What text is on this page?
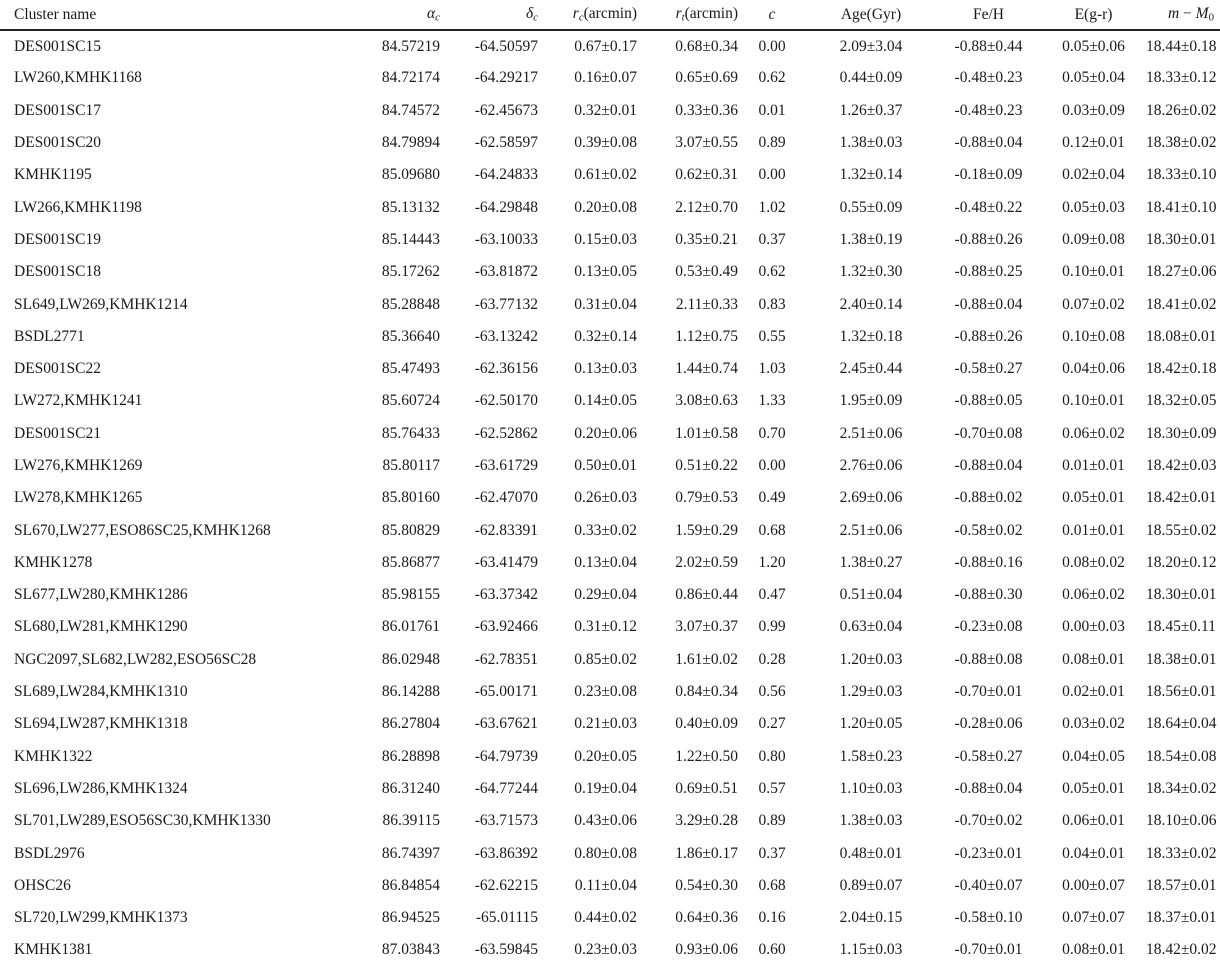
Cluster name	$\alpha_c$	$\delta_c$	$r_c(arcmin)$	$r_t(arcmin)$	c	Age(Gyr)	Fe/H	E(g-r)	$m - M_0$
DES001SC15	84.57219	-64.50597	0.67±0.17	0.68±0.34	0.00	2.09±3.04	-0.88±0.44	0.05±0.06	18.44±0.18
LW260,KMHK1168	84.72174	-64.29217	0.16±0.07	0.65±0.69	0.62	0.44±0.09	-0.48±0.23	0.05±0.04	18.33±0.12
DES001SC17	84.74572	-62.45673	0.32±0.01	0.33±0.36	0.01	1.26±0.37	-0.48±0.23	0.03±0.09	18.26±0.02
DES001SC20	84.79894	-62.58597	0.39±0.08	3.07±0.55	0.89	1.38±0.03	-0.88±0.04	0.12±0.01	18.38±0.02
KMHK1195	85.09680	-64.24833	0.61±0.02	0.62±0.31	0.00	1.32±0.14	-0.18±0.09	0.02±0.04	18.33±0.10
LW266,KMHK1198	85.13132	-64.29848	0.20±0.08	2.12±0.70	1.02	0.55±0.09	-0.48±0.22	0.05±0.03	18.41±0.10
DES001SC19	85.14443	-63.10033	0.15±0.03	0.35±0.21	0.37	1.38±0.19	-0.88±0.26	0.09±0.08	18.30±0.01
DES001SC18	85.17262	-63.81872	0.13±0.05	0.53±0.49	0.62	1.32±0.30	-0.88±0.25	0.10±0.01	18.27±0.06
SL649,LW269,KMHK1214	85.28848	-63.77132	0.31±0.04	2.11±0.33	0.83	2.40±0.14	-0.88±0.04	0.07±0.02	18.41±0.02
BSDL2771	85.36640	-63.13242	0.32±0.14	1.12±0.75	0.55	1.32±0.18	-0.88±0.26	0.10±0.08	18.08±0.01
DES001SC22	85.47493	-62.36156	0.13±0.03	1.44±0.74	1.03	2.45±0.44	-0.58±0.27	0.04±0.06	18.42±0.18
LW272,KMHK1241	85.60724	-62.50170	0.14±0.05	3.08±0.63	1.33	1.95±0.09	-0.88±0.05	0.10±0.01	18.32±0.05
DES001SC21	85.76433	-62.52862	0.20±0.06	1.01±0.58	0.70	2.51±0.06	-0.70±0.08	0.06±0.02	18.30±0.09
LW276,KMHK1269	85.80117	-63.61729	0.50±0.01	0.51±0.22	0.00	2.76±0.06	-0.88±0.04	0.01±0.01	18.42±0.03
LW278,KMHK1265	85.80160	-62.47070	0.26±0.03	0.79±0.53	0.49	2.69±0.06	-0.88±0.02	0.05±0.01	18.42±0.01
SL670,LW277,ESO86SC25,KMHK1268	85.80829	-62.83391	0.33±0.02	1.59±0.29	0.68	2.51±0.06	-0.58±0.02	0.01±0.01	18.55±0.02
KMHK1278	85.86877	-63.41479	0.13±0.04	2.02±0.59	1.20	1.38±0.27	-0.88±0.16	0.08±0.02	18.20±0.12
SL677,LW280,KMHK1286	85.98155	-63.37342	0.29±0.04	0.86±0.44	0.47	0.51±0.04	-0.88±0.30	0.06±0.02	18.30±0.01
SL680,LW281,KMHK1290	86.01761	-63.92466	0.31±0.12	3.07±0.37	0.99	0.63±0.04	-0.23±0.08	0.00±0.03	18.45±0.11
NGC2097,SL682,LW282,ESO56SC28	86.02948	-62.78351	0.85±0.02	1.61±0.02	0.28	1.20±0.03	-0.88±0.08	0.08±0.01	18.38±0.01
SL689,LW284,KMHK1310	86.14288	-65.00171	0.23±0.08	0.84±0.34	0.56	1.29±0.03	-0.70±0.01	0.02±0.01	18.56±0.01
SL694,LW287,KMHK1318	86.27804	-63.67621	0.21±0.03	0.40±0.09	0.27	1.20±0.05	-0.28±0.06	0.03±0.02	18.64±0.04
KMHK1322	86.28898	-64.79739	0.20±0.05	1.22±0.50	0.80	1.58±0.23	-0.58±0.27	0.04±0.05	18.54±0.08
SL696,LW286,KMHK1324	86.31240	-64.77244	0.19±0.04	0.69±0.51	0.57	1.10±0.03	-0.88±0.04	0.05±0.01	18.34±0.02
SL701,LW289,ESO56SC30,KMHK1330	86.39115	-63.71573	0.43±0.06	3.29±0.28	0.89	1.38±0.03	-0.70±0.02	0.06±0.01	18.10±0.06
BSDL2976	86.74397	-63.86392	0.80±0.08	1.86±0.17	0.37	0.48±0.01	-0.23±0.01	0.04±0.01	18.33±0.02
OHSC26	86.84854	-62.62215	0.11±0.04	0.54±0.30	0.68	0.89±0.07	-0.40±0.07	0.00±0.07	18.57±0.01
SL720,LW299,KMHK1373	86.94525	-65.01115	0.44±0.02	0.64±0.36	0.16	2.04±0.15	-0.58±0.10	0.07±0.07	18.37±0.01
KMHK1381	87.03843	-63.59845	0.23±0.03	0.93±0.06	0.60	1.15±0.03	-0.70±0.01	0.08±0.01	18.42±0.02
